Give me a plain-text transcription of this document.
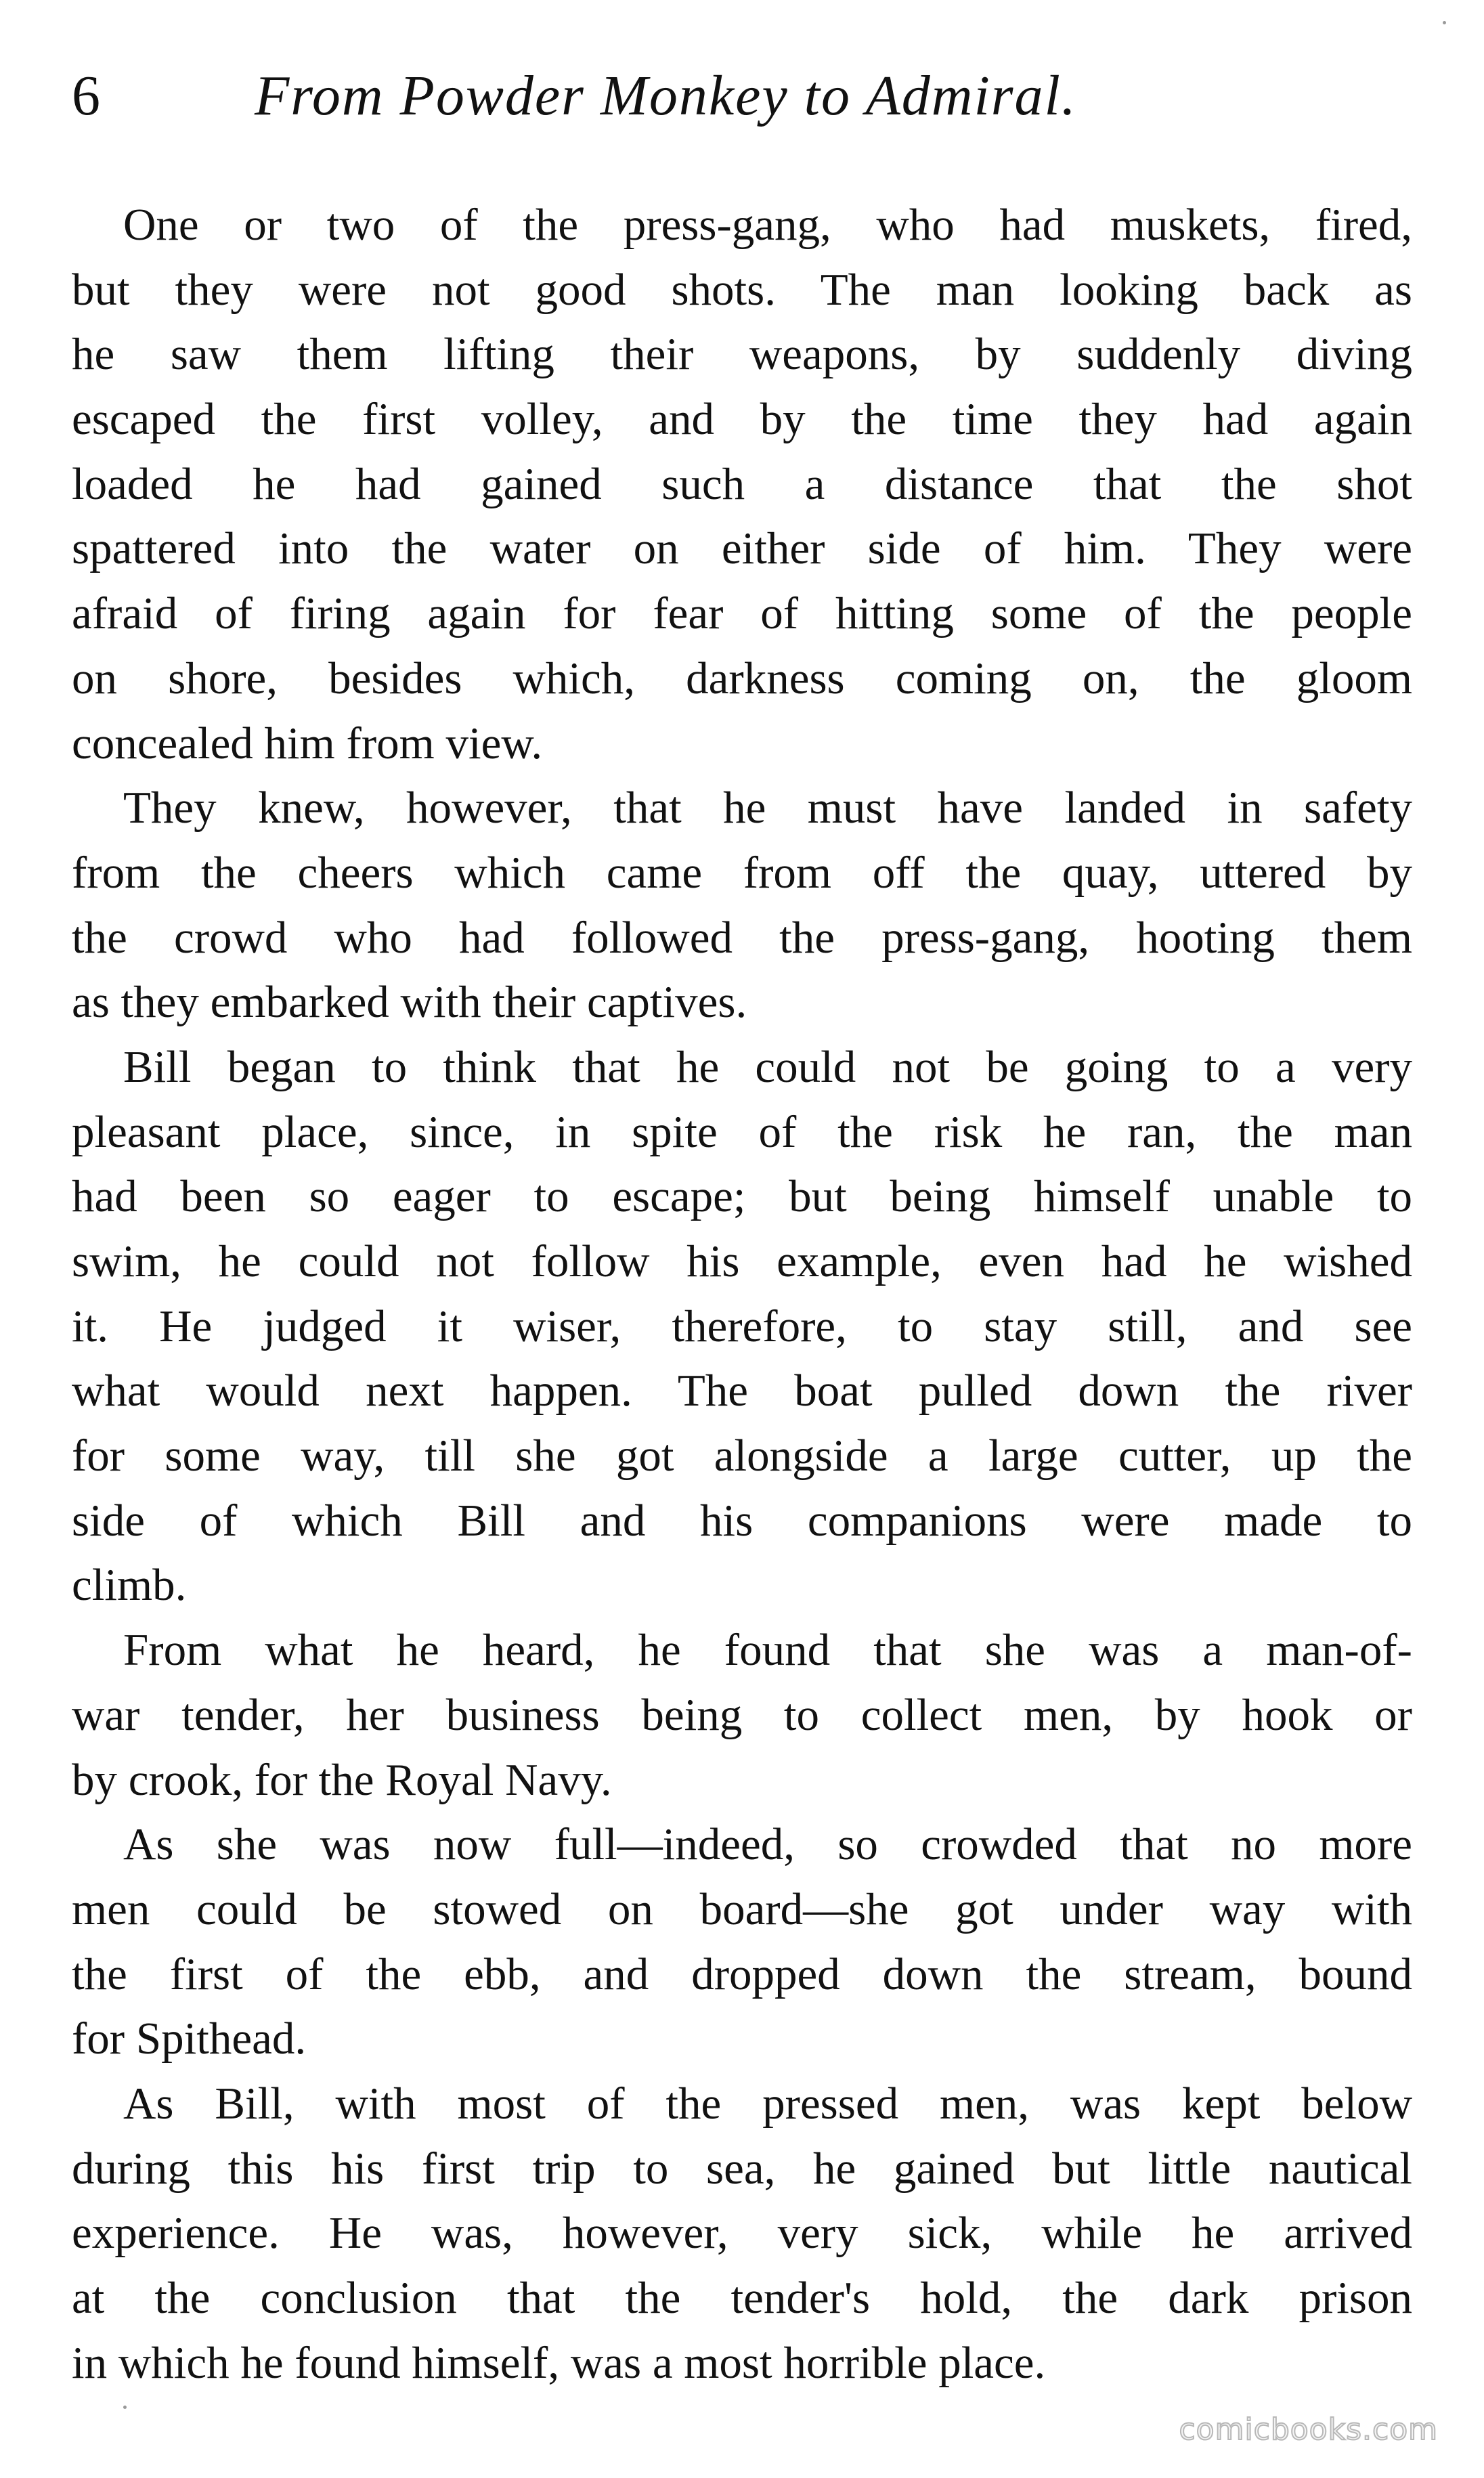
6	From Powder Monkey to Admiral.
One or two of the press-gang, who had muskets, fired,
but they were not good shots. The man looking back as
he saw them lifting their weapons, by suddenly diving
escaped the first volley, and by the time they had again
loaded he had gained such a distance that the shot
spattered into the water on either side of him. They were
afraid of firing again for fear of hitting some of the people
on shore, besides which, darkness coming on, the gloom
concealed him from view.
They knew, however, that he must have landed in safety
from the cheers which came from off the quay, uttered by
the crowd who had followed the press-gang, hooting them
as they embarked with their captives.
Bill began to think that he could not be going to a very
pleasant place, since, in spite of the risk he ran, the man
had been so eager to escape; but being himself unable to
swim, he could not follow his example, even had he wished
it. He judged it wiser, therefore, to stay still, and see
what would next happen. The boat pulled down the river
for some way, till she got alongside a large cutter, up the
side of which Bill and his companions were made to
climb.
From what he heard, he found that she was a man-of-
war tender, her business being to collect men, by hook or
by crook, for the Royal Navy.
As she was now full—indeed, so crowded that no more
men could be stowed on board—she got under way with
the first of the ebb, and dropped down the stream, bound
for Spithead.
As Bill, with most of the pressed men, was kept below
during this his first trip to sea, he gained but little nautical
experience. He was, however, very sick, while he arrived
at the conclusion that the tender's hold, the dark prison
in which he found himself, was a most horrible place.
comicbooks.com
